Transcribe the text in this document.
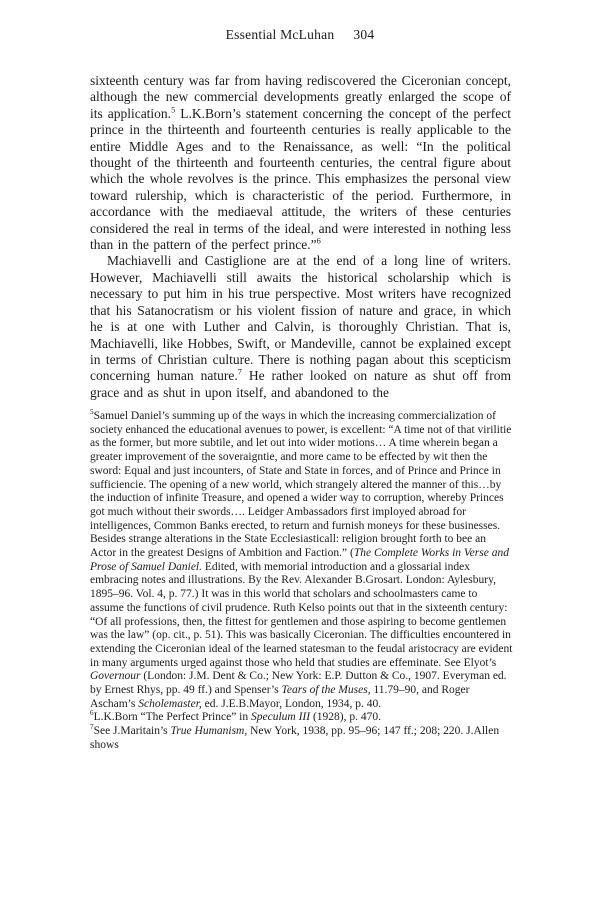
Essential McLuhan 304

sixteenth century was far from having rediscovered the Ciceronian concept, although the new commercial developments greatly enlarged the scope of its application.$^5$ L.K.Born’s statement concerning the concept of the perfect prince in the thirteenth and fourteenth centuries is really applicable to the entire Middle Ages and to the Renaissance, as well: “In the political thought of the thirteenth and fourteenth centuries, the central figure about which the whole revolves is the prince. This emphasizes the personal view toward rulership, which is characteristic of the period. Furthermore, in accordance with the mediaeval attitude, the writers of these centuries considered the real in terms of the ideal, and were interested in nothing less than in the pattern of the perfect prince.”$^6$

Machiavelli and Castiglione are at the end of a long line of writers. However, Machiavelli still awaits the historical scholarship which is necessary to put him in his true perspective. Most writers have recognized that his Satanocratism or his violent fission of nature and grace, in which he is at one with Luther and Calvin, is thoroughly Christian. That is, Machiavelli, like Hobbes, Swift, or Mandeville, cannot be explained except in terms of Christian culture. There is nothing pagan about this scepticism concerning human nature.$^7$ He rather looked on nature as shut off from grace and as shut in upon itself, and abandoned to the

$^5$Samuel Daniel’s summing up of the ways in which the increasing commercialization of society enhanced the educational avenues to power, is excellent: “A time not of that virilitie as the former, but more subtile, and let out into wider motions… A time wherein began a greater improvement of the soveraigntie, and more came to be effected by wit then the sword: Equal and just incounters, of State and State in forces, and of Prince and Prince in sufficiencie. The opening of a new world, which strangely altered the manner of this…by the induction of infinite Treasure, and opened a wider way to corruption, whereby Princes got much without their swords…. Leidger Ambassadors first imployed abroad for intelligences, Common Banks erected, to return and furnish moneys for these businesses. Besides strange alterations in the State Ecclesiasticall: religion brought forth to bee an Actor in the greatest Designs of Ambition and Faction.” (The Complete Works in Verse and Prose of Samuel Daniel. Edited, with memorial introduction and a glossarial index embracing notes and illustrations. By the Rev. Alexander B.Grosart. London: Aylesbury, 1895–96. Vol. 4, p. 77.) It was in this world that scholars and schoolmasters came to assume the functions of civil prudence. Ruth Kelso points out that in the sixteenth century: “Of all professions, then, the fittest for gentlemen and those aspiring to become gentlemen was the law” (op. cit., p. 51). This was basically Ciceronian. The difficulties encountered in extending the Ciceronian ideal of the learned statesman to the feudal aristocracy are evident in many arguments urged against those who held that studies are effeminate. See Elyot’s Governour (London: J.M. Dent & Co.; New York: E.P. Dutton & Co., 1907. Everyman ed. by Ernest Rhys, pp. 49 ff.) and Spenser’s Tears of the Muses, 11.79–90, and Roger Ascham’s Scholemaster, ed. J.E.B.Mayor, London, 1934, p. 40.

$^6$L.K.Born “The Perfect Prince” in Speculum III (1928), p. 470.

$^7$See J.Maritain’s True Humanism, New York, 1938, pp. 95–96; 147 ff.; 208; 220. J.Allen shows
